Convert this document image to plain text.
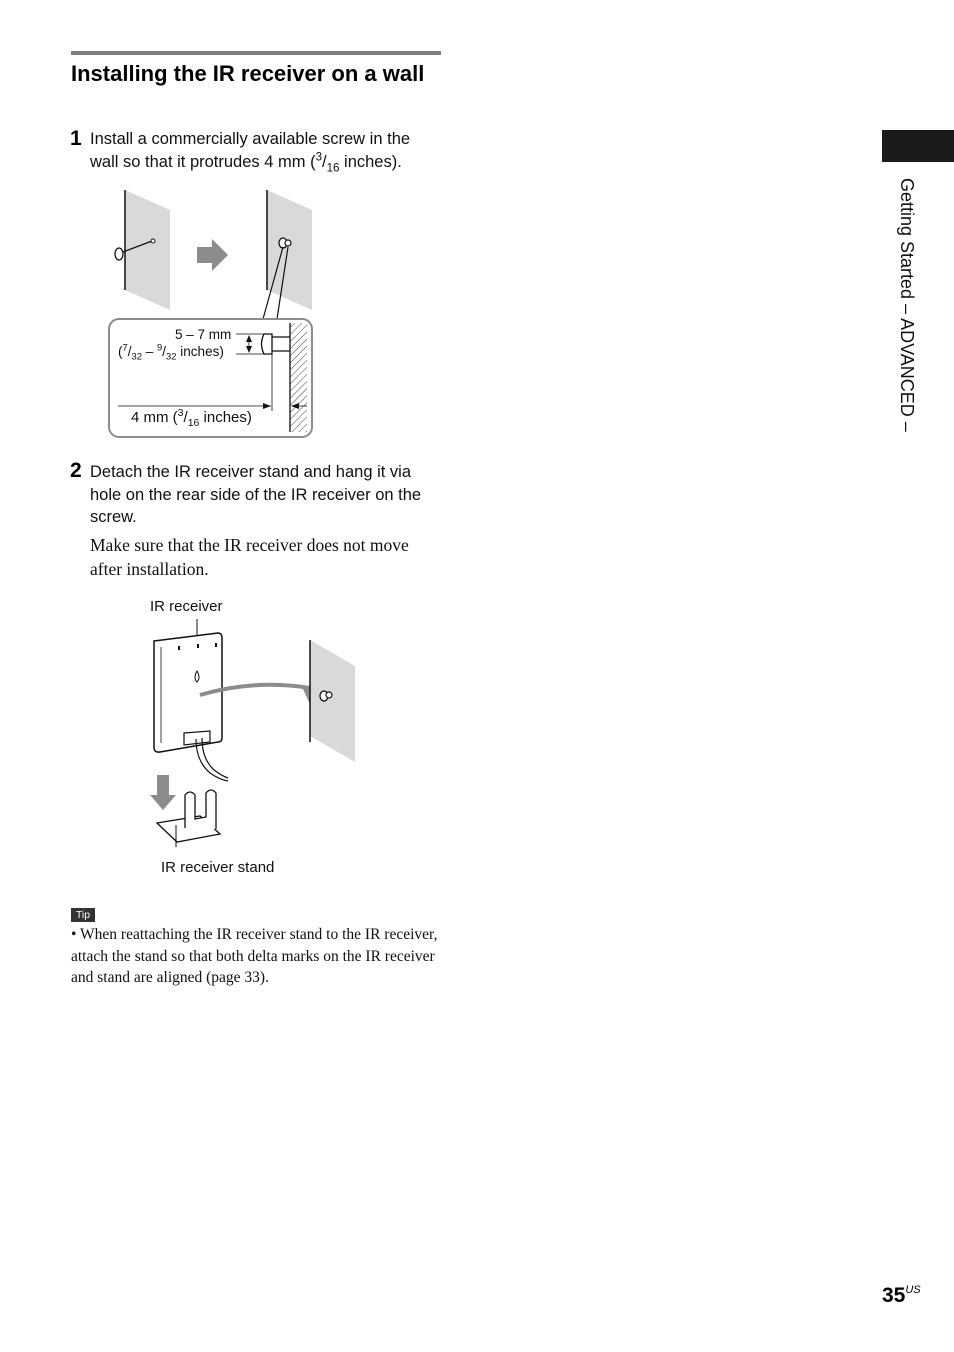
Installing the IR receiver on a wall
1 Install a commercially available screw in the wall so that it protrudes 4 mm ($^3/_{16}$ inches).
5 – 7 mm
($^7/_{32} - ^9/_{32}$ inches)
4 mm ($^3/_{16}$ inches)
2 Detach the IR receiver stand and hang it via hole on the rear side of the IR receiver on the screw.
Make sure that the IR receiver does not move after installation.
IR receiver
IR receiver stand
Tip
• When reattaching the IR receiver stand to the IR receiver, attach the stand so that both delta marks on the IR receiver and stand are aligned (page 33).
Getting Started – ADVANCED –
$35^{US}$
